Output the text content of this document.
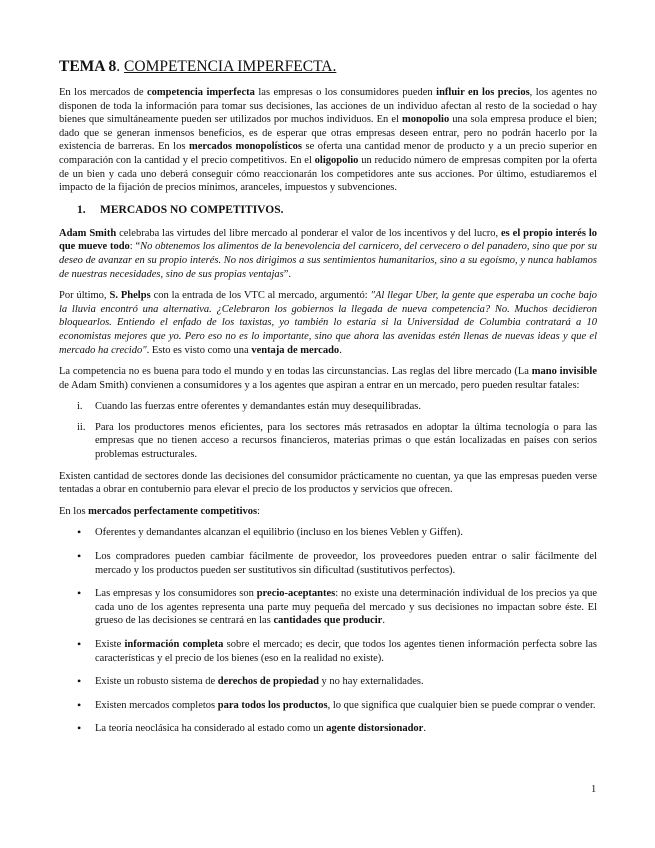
TEMA 8. COMPETENCIA IMPERFECTA.

En los mercados de competencia imperfecta las empresas o los consumidores pueden influir en los precios, los agentes no disponen de toda la información para tomar sus decisiones, las acciones de un individuo afectan al resto de la sociedad o hay bienes que simultáneamente pueden ser utilizados por muchos individuos. En el monopolio una sola empresa produce el bien; dado que se generan inmensos beneficios, es de esperar que otras empresas deseen entrar, pero no podrán hacerlo por la existencia de barreras. En los mercados monopolísticos se oferta una cantidad menor de producto y a un precio superior en comparación con la cantidad y el precio competitivos. En el oligopolio un reducido número de empresas compiten por la oferta de un bien y cada uno deberá conseguir cómo reaccionarán los competidores ante sus acciones. Por último, estudiaremos el impacto de la fijación de precios mínimos, aranceles, impuestos y subvenciones.

1. MERCADOS NO COMPETITIVOS.

Adam Smith celebraba las virtudes del libre mercado al ponderar el valor de los incentivos y del lucro, es el propio interés lo que mueve todo: “No obtenemos los alimentos de la benevolencia del carnicero, del cervecero o del panadero, sino que por su deseo de avanzar en su propio interés. No nos dirigimos a sus sentimientos humanitarios, sino a su egoísmo, y nunca hablamos de nuestras necesidades, sino de sus propias ventajas”.

Por último, S. Phelps con la entrada de los VTC al mercado, argumentó: "Al llegar Uber, la gente que esperaba un coche bajo la lluvia encontró una alternativa. ¿Celebraron los gobiernos la llegada de nueva competencia? No. Muchos decidieron bloquearlos. Entiendo el enfado de los taxistas, yo también lo estaría si la Universidad de Columbia contratará a 10 economistas mejores que yo. Pero eso no es lo importante, sino que ahora las avenidas estén llenas de nuevas ideas y que el mercado ha crecido". Esto es visto como una ventaja de mercado.

La competencia no es buena para todo el mundo y en todas las circunstancias. Las reglas del libre mercado (La mano invisible de Adam Smith) convienen a consumidores y a los agentes que aspiran a entrar en un mercado, pero pueden resultar fatales:

i. Cuando las fuerzas entre oferentes y demandantes están muy desequilibradas.
ii. Para los productores menos eficientes, para los sectores más retrasados en adoptar la última tecnología o para las empresas que no tienen acceso a recursos financieros, materias primas o que están localizadas en países con serios problemas estructurales.

Existen cantidad de sectores donde las decisiones del consumidor prácticamente no cuentan, ya que las empresas pueden verse tentadas a obrar en contubernio para elevar el precio de los productos y servicios que ofrecen.

En los mercados perfectamente competitivos:

• Oferentes y demandantes alcanzan el equilibrio (incluso en los bienes Veblen y Giffen).
• Los compradores pueden cambiar fácilmente de proveedor, los proveedores pueden entrar o salir fácilmente del mercado y los productos pueden ser sustitutivos sin dificultad (sustitutivos perfectos).
• Las empresas y los consumidores son precio-aceptantes: no existe una determinación individual de los precios ya que cada uno de los agentes representa una parte muy pequeña del mercado y sus decisiones no impactan sobre éste. El grueso de las decisiones se centrará en las cantidades que producir.
• Existe información completa sobre el mercado; es decir, que todos los agentes tienen información perfecta sobre las características y el precio de los bienes (eso en la realidad no existe).
• Existe un robusto sistema de derechos de propiedad y no hay externalidades.
• Existen mercados completos para todos los productos, lo que significa que cualquier bien se puede comprar o vender.
• La teoría neoclásica ha considerado al estado como un agente distorsionador.
1
